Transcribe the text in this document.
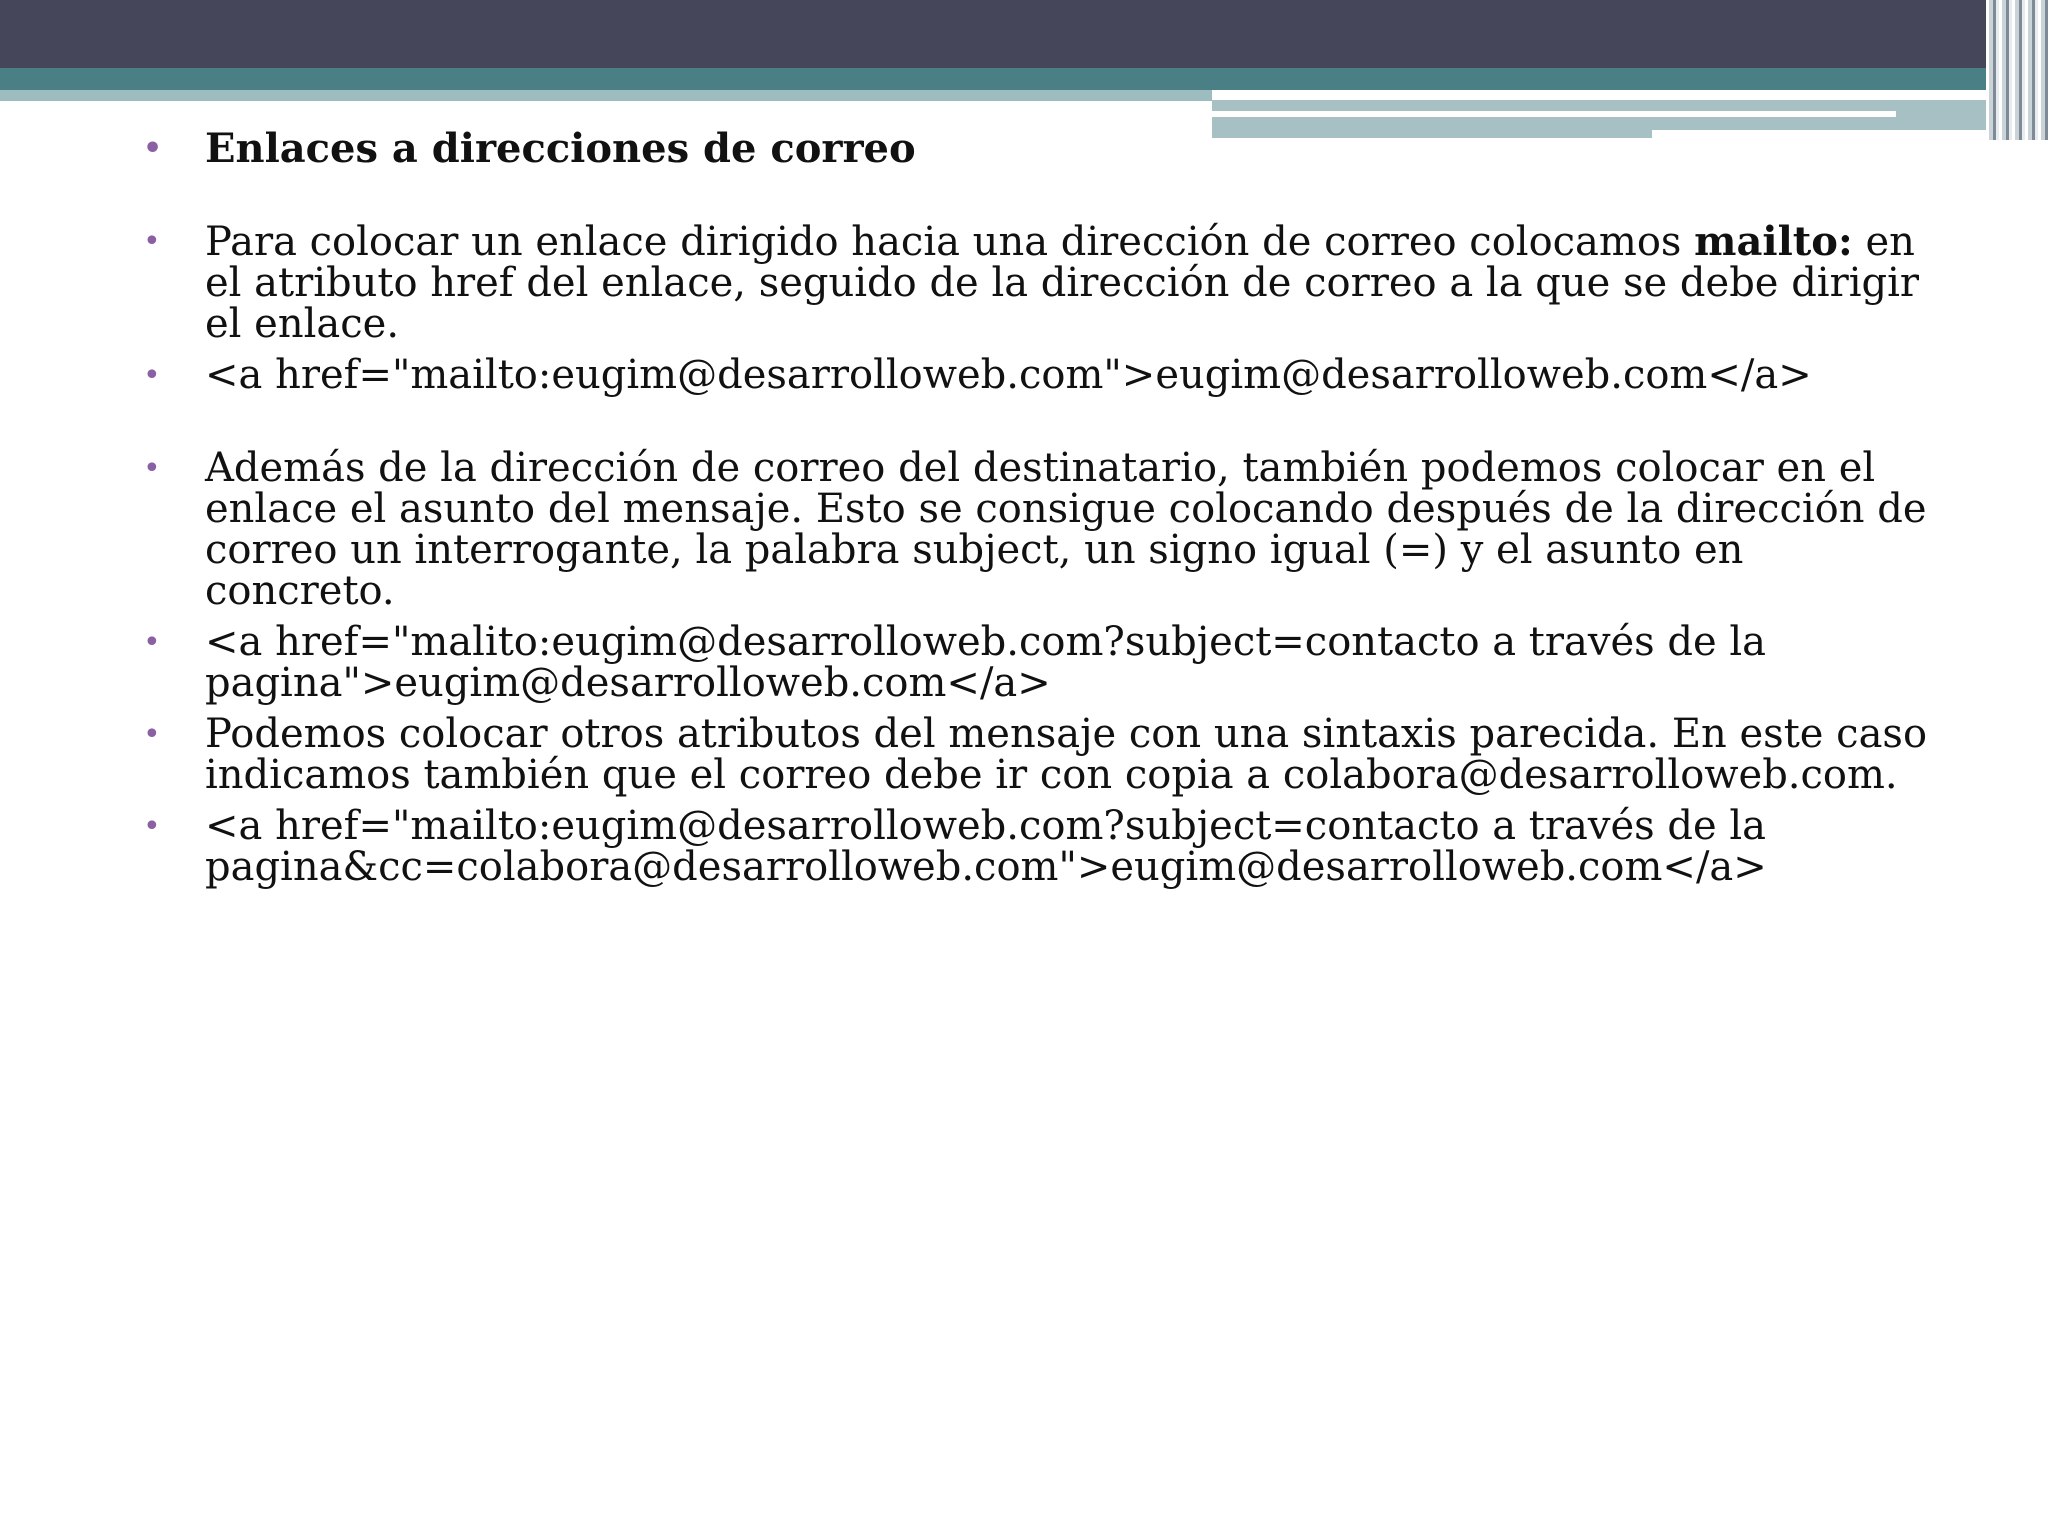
• Enlaces a direcciones de correo
• Para colocar un enlace dirigido hacia una dirección de correo colocamos mailto: en el atributo href del enlace, seguido de la dirección de correo a la que se debe dirigir el enlace.
• <a href="mailto:eugim@desarrolloweb.com">eugim@desarrolloweb.com</a>
• Además de la dirección de correo del destinatario, también podemos colocar en el enlace el asunto del mensaje. Esto se consigue colocando después de la dirección de correo un interrogante, la palabra subject, un signo igual (=) y el asunto en concreto.
• <a href="malito:eugim@desarrolloweb.com?subject=contacto a través de la pagina">eugim@desarrolloweb.com</a>
• Podemos colocar otros atributos del mensaje con una sintaxis parecida. En este caso indicamos también que el correo debe ir con copia a colabora@desarrolloweb.com.
• <a href="mailto:eugim@desarrolloweb.com?subject=contacto a través de la pagina&cc=colabora@desarrolloweb.com">eugim@desarrolloweb.com</a>
